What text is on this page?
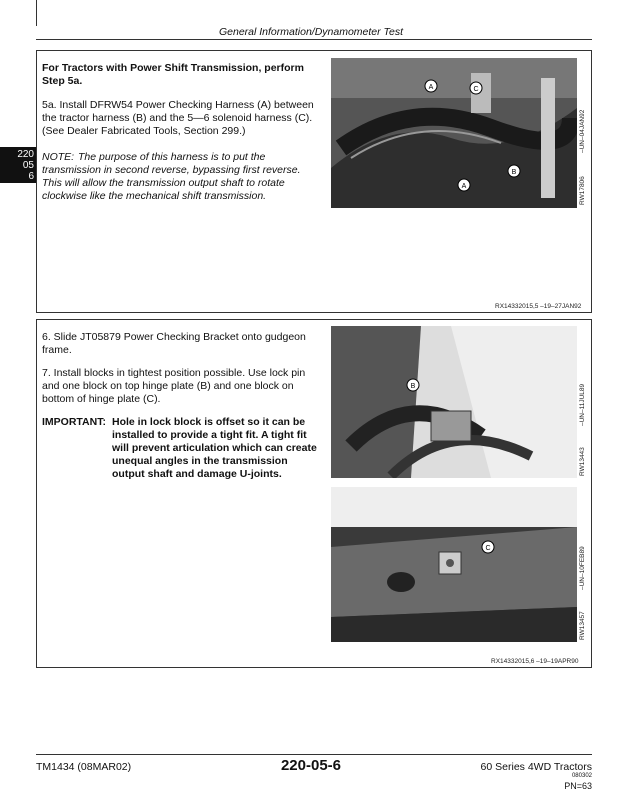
General Information/Dynamometer Test
220
05
6
For Tractors with Power Shift Transmission, perform Step 5a.
5a. Install DFRW54 Power Checking Harness (A) between the tractor harness (B) and the 5—6 solenoid harness (C). (See Dealer Fabricated Tools, Section 299.)
NOTE: The purpose of this harness is to put the transmission in second reverse, bypassing first reverse. This will allow the transmission output shaft to rotate clockwise like the mechanical shift transmission.
A	C
B
A	RW17806
–UN–04JAN92
RX14332015,5 –19–27JAN92
6. Slide JT05879 Power Checking Bracket onto gudgeon frame.
7. Install blocks in tightest position possible. Use lock pin and one block on top hinge plate (B) and one block on bottom of hinge plate (C).
IMPORTANT: Hole in lock block is offset so it can be installed to provide a tight fit. A tight fit will prevent articulation which can create unequal angles in the transmission output shaft and damage U-joints.
B
RW13443
–UN–11JUL89
C
RW13457
–UN–10FEB89
RX14332015,6 –19–19APR90
TM1434 (08MAR02)	220-05-6	60 Series 4WD Tractors
080302
PN=63
